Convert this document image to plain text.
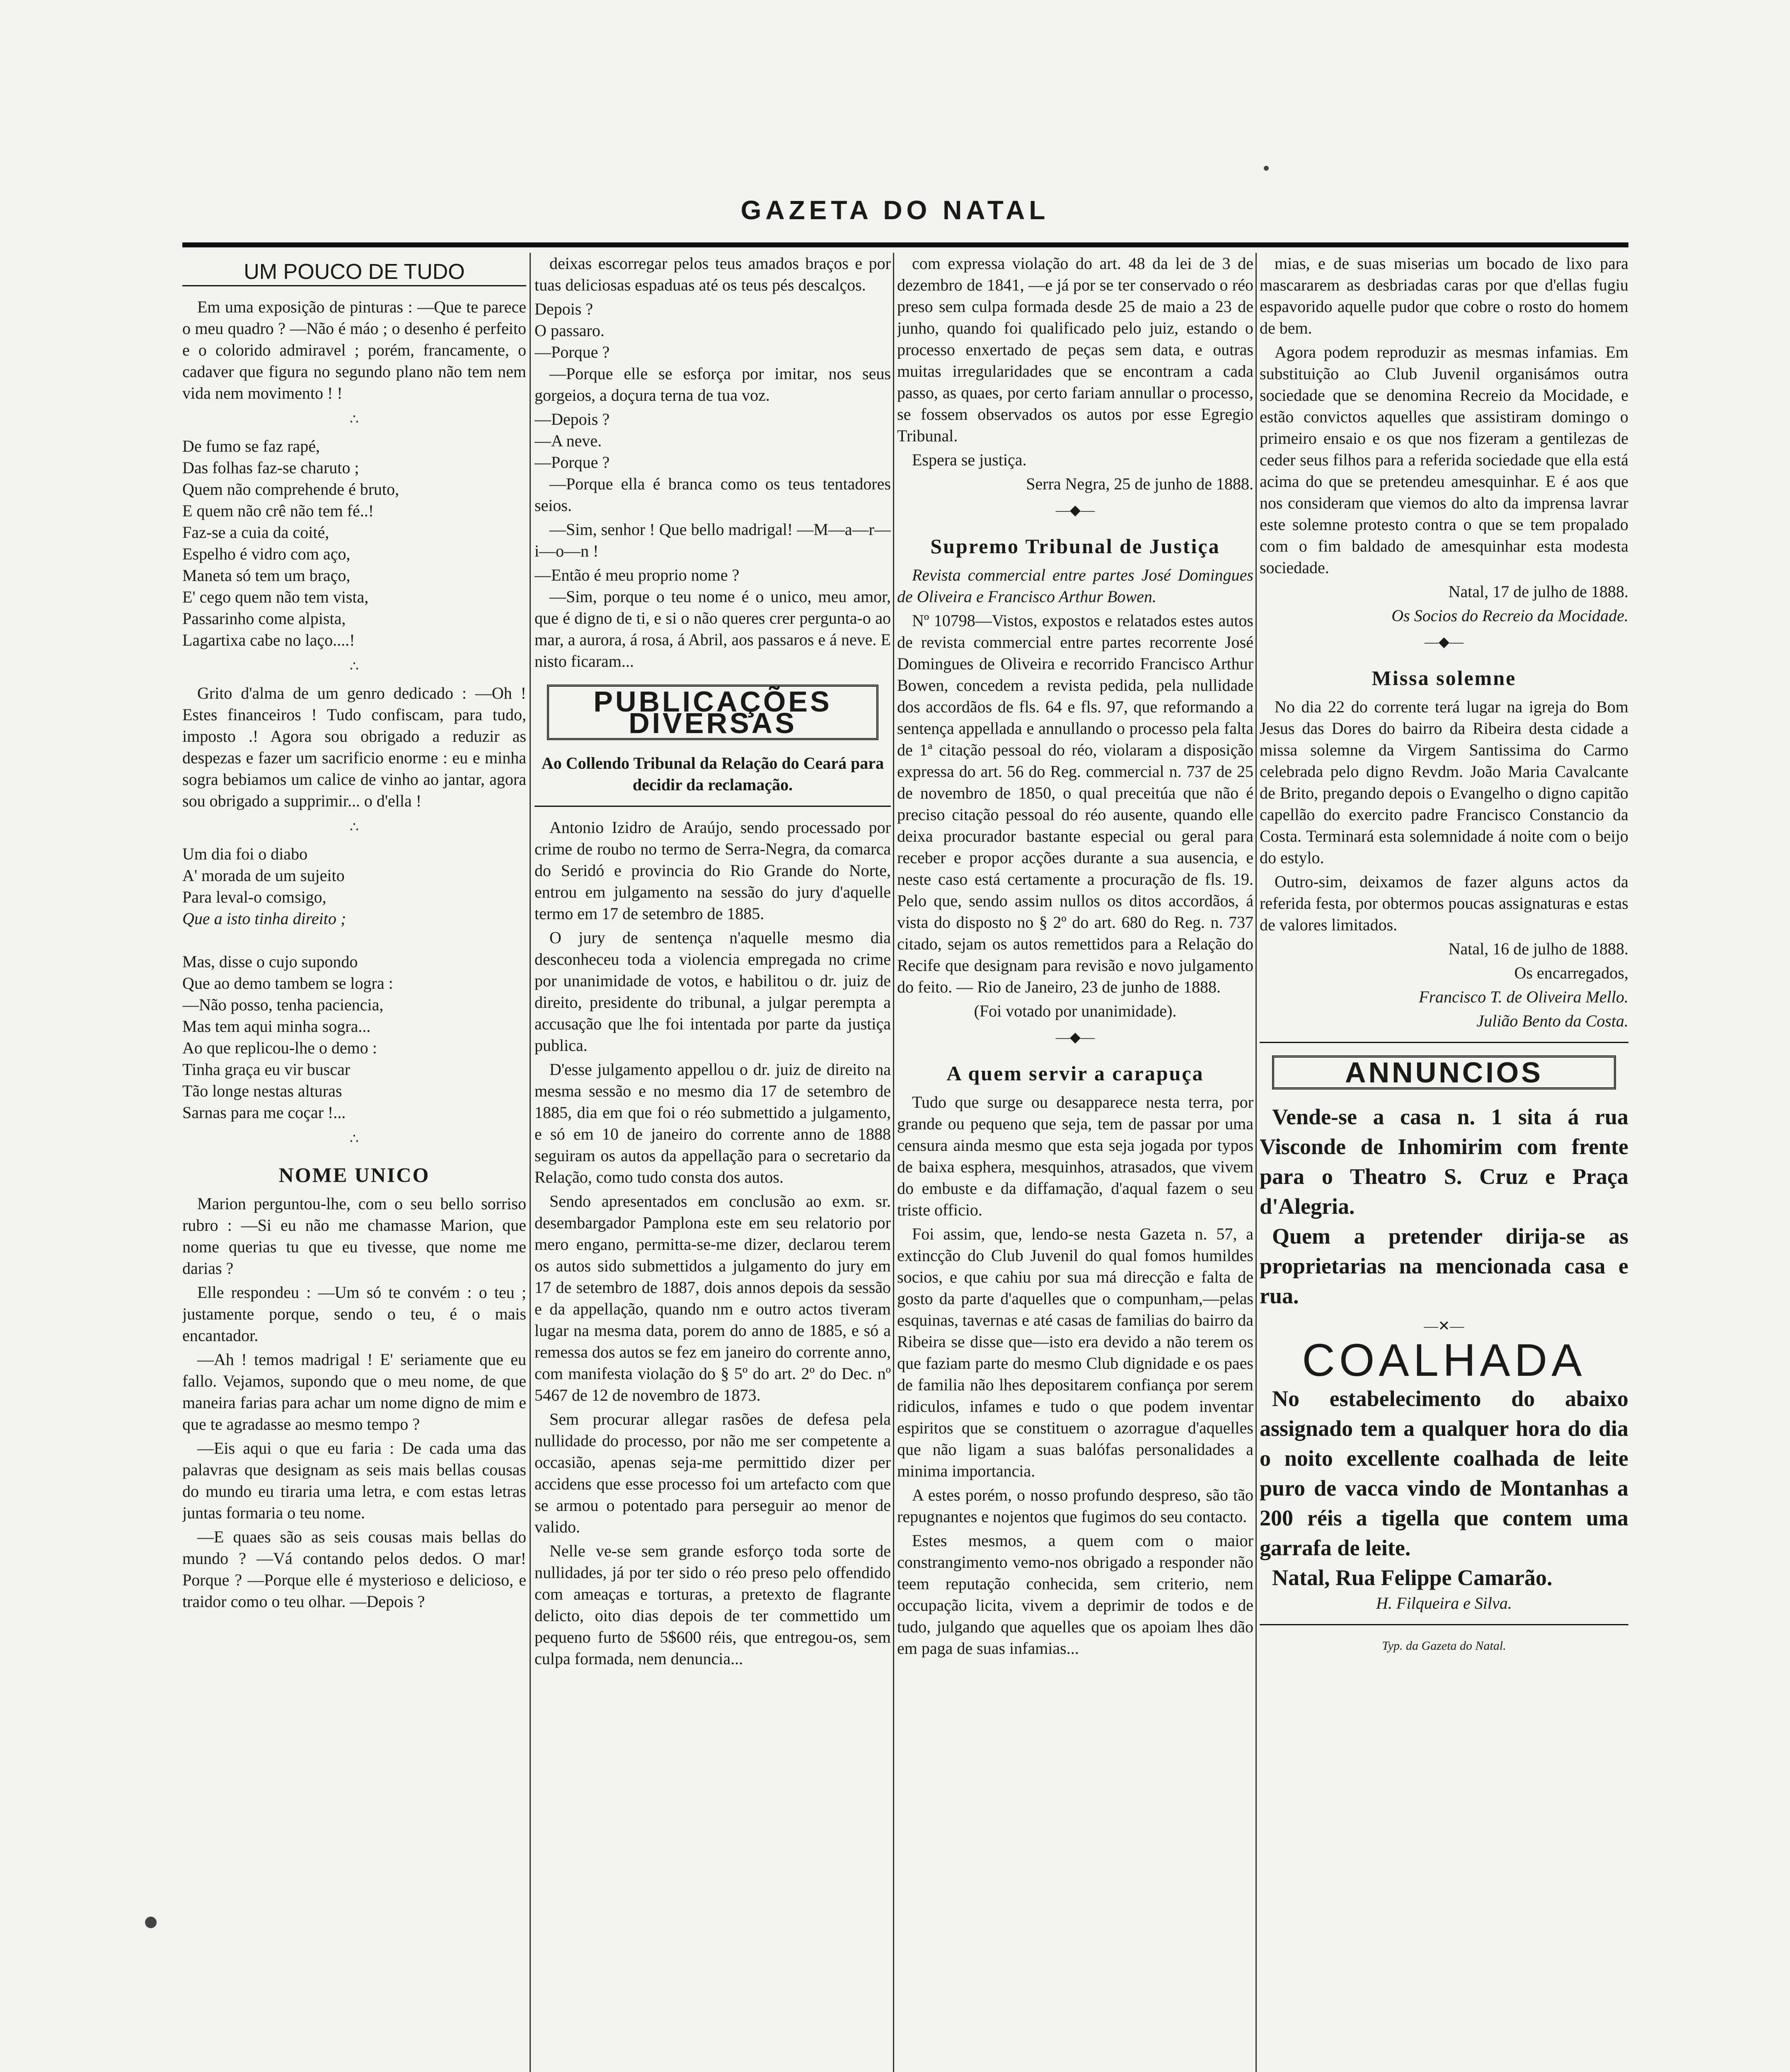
GAZETA DO NATAL
UM POUCO DE TUDO

Em uma exposição de pinturas : —Que te parece o meu quadro ? —Não é máo ; o desenho é perfeito e o colorido admiravel ; porém, francamente, o cadaver que figura no segundo plano não tem nem vida nem movimento ! !

∴

De fumo se faz rapé,

Das folhas faz-se charuto ;

Quem não comprehende é bruto,

E quem não crê não tem fé..!

Faz-se a cuia da coité,

Espelho é vidro com aço,

Maneta só tem um braço,

E' cego quem não tem vista,

Passarinho come alpista,

Lagartixa cabe no laço....!

∴

Grito d'alma de um genro dedicado : —Oh ! Estes financeiros ! Tudo confiscam, para tudo, imposto .! Agora sou obrigado a reduzir as despezas e fazer um sacrificio enorme : eu e minha sogra bebiamos um calice de vinho ao jantar, agora sou obrigado a supprimir... o d'ella !

∴

Um dia foi o diabo

A' morada de um sujeito

Para leval-o comsigo,

Que a isto tinha direito ;

Mas, disse o cujo supondo

Que ao demo tambem se logra :

—Não posso, tenha paciencia,

Mas tem aqui minha sogra...

Ao que replicou-lhe o demo :

Tinha graça eu vir buscar

Tão longe nestas alturas

Sarnas para me coçar !...

∴
NOME UNICO

Marion perguntou-lhe, com o seu bello sorriso rubro : —Si eu não me chamasse Marion, que nome querias tu que eu tivesse, que nome me darias ?

Elle respondeu : —Um só te convém : o teu ; justamente porque, sendo o teu, é o mais encantador.

—Ah ! temos madrigal ! E' seriamente que eu fallo. Vejamos, supondo que o meu nome, de que maneira farias para achar um nome digno de mim e que te agradasse ao mesmo tempo ?

—Eis aqui o que eu faria : De cada uma das palavras que designam as seis mais bellas cousas do mundo eu tiraria uma letra, e com estas letras juntas formaria o teu nome.

—E quaes são as seis cousas mais bellas do mundo ? —Vá contando pelos dedos. O mar! Porque ? —Porque elle é mysterioso e delicioso, e traidor como o teu olhar. —Depois ?

deixas escorregar pelos teus amados braços e por tuas deliciosas espaduas até os teus pés descalços.

Depois ?

O passaro.

—Porque ?

—Porque elle se esforça por imitar, nos seus gorgeios, a doçura terna de tua voz.

—Depois ?

—A neve.

—Porque ?

—Porque ella é branca como os teus tentadores seios.

—Sim, senhor ! Que bello madrigal! —M—a—r—i—o—n !

—Então é meu proprio nome ?

—Sim, porque o teu nome é o unico, meu amor, que é digno de ti, e si o não queres crer pergunta-o ao mar, a aurora, á rosa, á Abril, aos passaros e á neve. E nisto ficaram...

PUBLICAÇÕES DIVERSAS

Ao Collendo Tribunal da Relação do Ceará para decidir da reclamação.

Antonio Izidro de Araújo, sendo processado por crime de roubo no termo de Serra-Negra, da comarca do Seridó e provincia do Rio Grande do Norte, entrou em julgamento na sessão do jury d'aquelle termo em 17 de setembro de 1885.

O jury de sentença n'aquelle mesmo dia desconheceu toda a violencia empregada no crime por unanimidade de votos, e habilitou o dr. juiz de direito, presidente do tribunal, a julgar perempta a accusação que lhe foi intentada por parte da justiça publica.

D'esse julgamento appellou o dr. juiz de direito na mesma sessão e no mesmo dia 17 de setembro de 1885, dia em que foi o réo submettido a julgamento, e só em 10 de janeiro do corrente anno de 1888 seguiram os autos da appellação para o secretario da Relação, como tudo consta dos autos.

Sendo apresentados em conclusão ao exm. sr. desembargador Pamplona este em seu relatorio por mero engano, permitta-se-me dizer, declarou terem os autos sido submettidos a julgamento do jury em 17 de setembro de 1887, dois annos depois da sessão e da appellação, quando nm e outro actos tiveram lugar na mesma data, porem do anno de 1885, e só a remessa dos autos se fez em janeiro do corrente anno, com manifesta violação do § 5º do art. 2º do Dec. nº 5467 de 12 de novembro de 1873.

Sem procurar allegar rasões de defesa pela nullidade do processo, por não me ser competente a occasião, apenas seja-me permittido dizer per accidens que esse processo foi um artefacto com que se armou o potentado para perseguir ao menor de valido.

Nelle ve-se sem grande esforço toda sorte de nullidades, já por ter sido o réo preso pelo offendido com ameaças e torturas, a pretexto de flagrante delicto, oito dias depois de ter commettido um pequeno furto de 5$600 réis, que entregou-os, sem culpa formada, nem denuncia...

com expressa violação do art. 48 da lei de 3 de dezembro de 1841, —e já por se ter conservado o réo preso sem culpa formada desde 25 de maio a 23 de junho, quando foi qualificado pelo juiz, estando o processo enxertado de peças sem data, e outras muitas irregularidades que se encontram a cada passo, as quaes, por certo fariam annullar o processo, se fossem observados os autos por esse Egregio Tribunal.

Espera se justiça.

Serra Negra, 25 de junho de 1888.

—◆—
Supremo Tribunal de Justiça

Revista commercial entre partes José Domingues de Oliveira e Francisco Arthur Bowen.

Nº 10798—Vistos, expostos e relatados estes autos de revista commercial entre partes recorrente José Domingues de Oliveira e recorrido Francisco Arthur Bowen, concedem a revista pedida, pela nullidade dos accordãos de fls. 64 e fls. 97, que reformando a sentença appellada e annullando o processo pela falta de 1ª citação pessoal do réo, violaram a disposição expressa do art. 56 do Reg. commercial n. 737 de 25 de novembro de 1850, o qual preceitúa que não é preciso citação pessoal do réo ausente, quando elle deixa procurador bastante especial ou geral para receber e propor acções durante a sua ausencia, e neste caso está certamente a procuração de fls. 19. Pelo que, sendo assim nullos os ditos accordãos, á vista do disposto no § 2º do art. 680 do Reg. n. 737 citado, sejam os autos remettidos para a Relação do Recife que designam para revisão e novo julgamento do feito. — Rio de Janeiro, 23 de junho de 1888.

(Foi votado por unanimidade).

—◆—
A quem servir a carapuça

Tudo que surge ou desapparece nesta terra, por grande ou pequeno que seja, tem de passar por uma censura ainda mesmo que esta seja jogada por typos de baixa esphera, mesquinhos, atrasados, que vivem do embuste e da diffamação, d'aqual fazem o seu triste officio.

Foi assim, que, lendo-se nesta Gazeta n. 57, a extincção do Club Juvenil do qual fomos humildes socios, e que cahiu por sua má direcção e falta de gosto da parte d'aquelles que o compunham,—pelas esquinas, tavernas e até casas de familias do bairro da Ribeira se disse que—isto era devido a não terem os que faziam parte do mesmo Club dignidade e os paes de familia não lhes depositarem confiança por serem ridiculos, infames e tudo o que podem inventar espiritos que se constituem o azorrague d'aquelles que não ligam a suas balófas personalidades a minima importancia.

A estes porém, o nosso profundo despreso, são tão repugnantes e nojentos que fugimos do seu contacto.

Estes mesmos, a quem com o maior constrangimento vemo-nos obrigado a responder não teem reputação conhecida, sem criterio, nem occupação licita, vivem a deprimir de todos e de tudo, julgando que aquelles que os apoiam lhes dão em paga de suas infamias...

mias, e de suas miserias um bocado de lixo para mascararem as desbriadas caras por que d'ellas fugiu espavorido aquelle pudor que cobre o rosto do homem de bem.

Agora podem reproduzir as mesmas infamias. Em substituição ao Club Juvenil organisámos outra sociedade que se denomina Recreio da Mocidade, e estão convictos aquelles que assistiram domingo o primeiro ensaio e os que nos fizeram a gentilezas de ceder seus filhos para a referida sociedade que ella está acima do que se pretendeu amesquinhar. E é aos que nos consideram que viemos do alto da imprensa lavrar este solemne protesto contra o que se tem propalado com o fim baldado de amesquinhar esta modesta sociedade.

Natal, 17 de julho de 1888.

Os Socios do Recreio da Mocidade.

—◆—
Missa solemne

No dia 22 do corrente terá lugar na igreja do Bom Jesus das Dores do bairro da Ribeira desta cidade a missa solemne da Virgem Santissima do Carmo celebrada pelo digno Revdm. João Maria Cavalcante de Brito, pregando depois o Evangelho o digno capitão capellão do exercito padre Francisco Constancio da Costa. Terminará esta solemnidade á noite com o beijo do estylo.

Outro-sim, deixamos de fazer alguns actos da referida festa, por obtermos poucas assignaturas e estas de valores limitados.

Natal, 16 de julho de 1888.

Os encarregados,

Francisco T. de Oliveira Mello.

Julião Bento da Costa.

ANNUNCIOS

Vende-se a casa n. 1 sita á rua Visconde de Inhomirim com frente para o Theatro S. Cruz e Praça d'Alegria.

Quem a pretender dirija-se as proprietarias na mencionada casa e rua.

—✕—
COALHADA

No estabelecimento do abaixo assignado tem a qualquer hora do dia o noito excellente coalhada de leite puro de vacca vindo de Montanhas a 200 réis a tigella que contem uma garrafa de leite.

Natal, Rua Felippe Camarão.

H. Filqueira e Silva.

Typ. da Gazeta do Natal.
